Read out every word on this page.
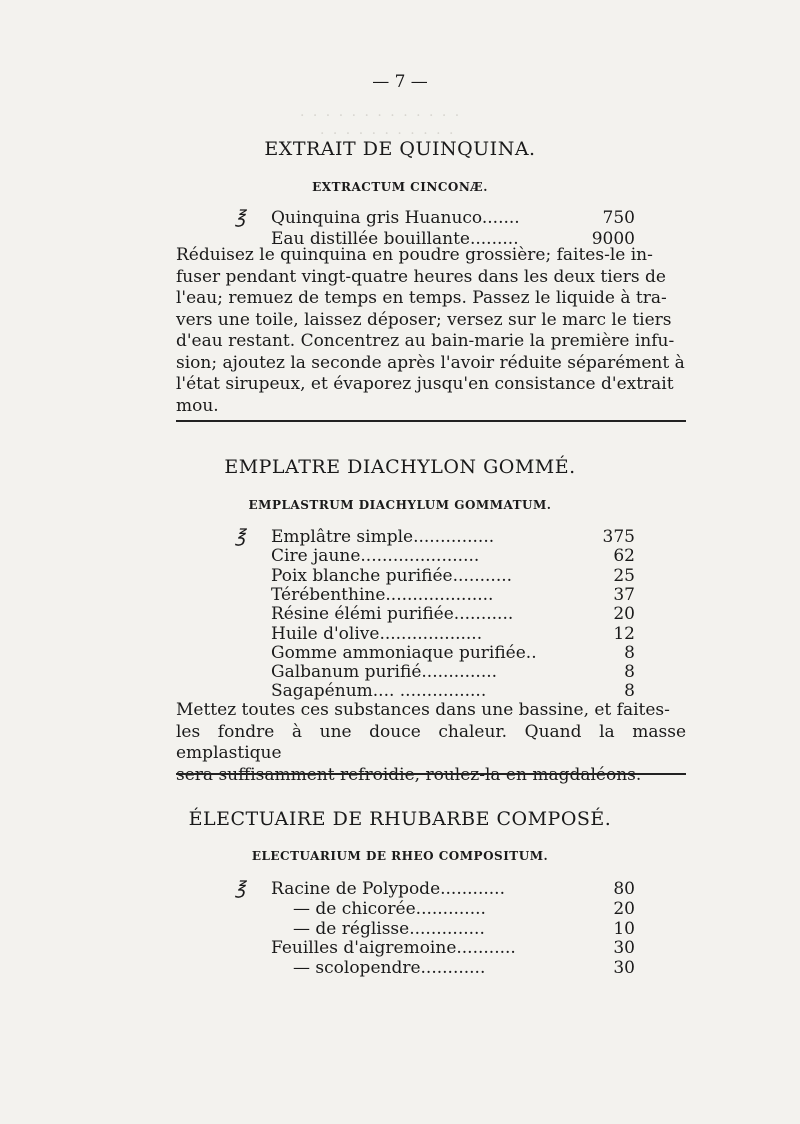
· · · · · · · · · · · · ·
· · · · · · · · · · ·
— 7 —
EXTRAIT DE QUINQUINA.
EXTRACTUM CINCONÆ.
℥ Quinquina gris Huanuco.......	750
Eau distillée bouillante.........	9000
Réduisez le quinquina en poudre grossière; faites-le in-
fuser pendant vingt-quatre heures dans les deux tiers de
l'eau; remuez de temps en temps. Passez le liquide à tra-
vers une toile, laissez déposer; versez sur le marc le tiers
d'eau restant. Concentrez au bain-marie la première infu-
sion; ajoutez la seconde après l'avoir réduite séparément à
l'état sirupeux, et évaporez jusqu'en consistance d'extrait
mou.
EMPLATRE DIACHYLON GOMMÉ.
EMPLASTRUM DIACHYLUM GOMMATUM.
℥ Emplâtre simple...............	375
Cire jaune......................	62
Poix blanche purifiée...........	25
Térébenthine....................	37
Résine élémi purifiée...........	20
Huile d'olive...................	12
Gomme ammoniaque purifiée..	8
Galbanum purifié..............	8
Sagapénum.... ................	8
Mettez toutes ces substances dans une bassine, et faites-
les fondre à une douce chaleur. Quand la masse emplastique
sera suffisamment refroidie, roulez-la en magdaléons.
ÉLECTUAIRE DE RHUBARBE COMPOSÉ.
ELECTUARIUM DE RHEO COMPOSITUM.
℥ Racine de Polypode............	80
— de chicorée.............	20
— de réglisse..............	10
Feuilles d'aigremoine...........	30
— scolopendre............	30
